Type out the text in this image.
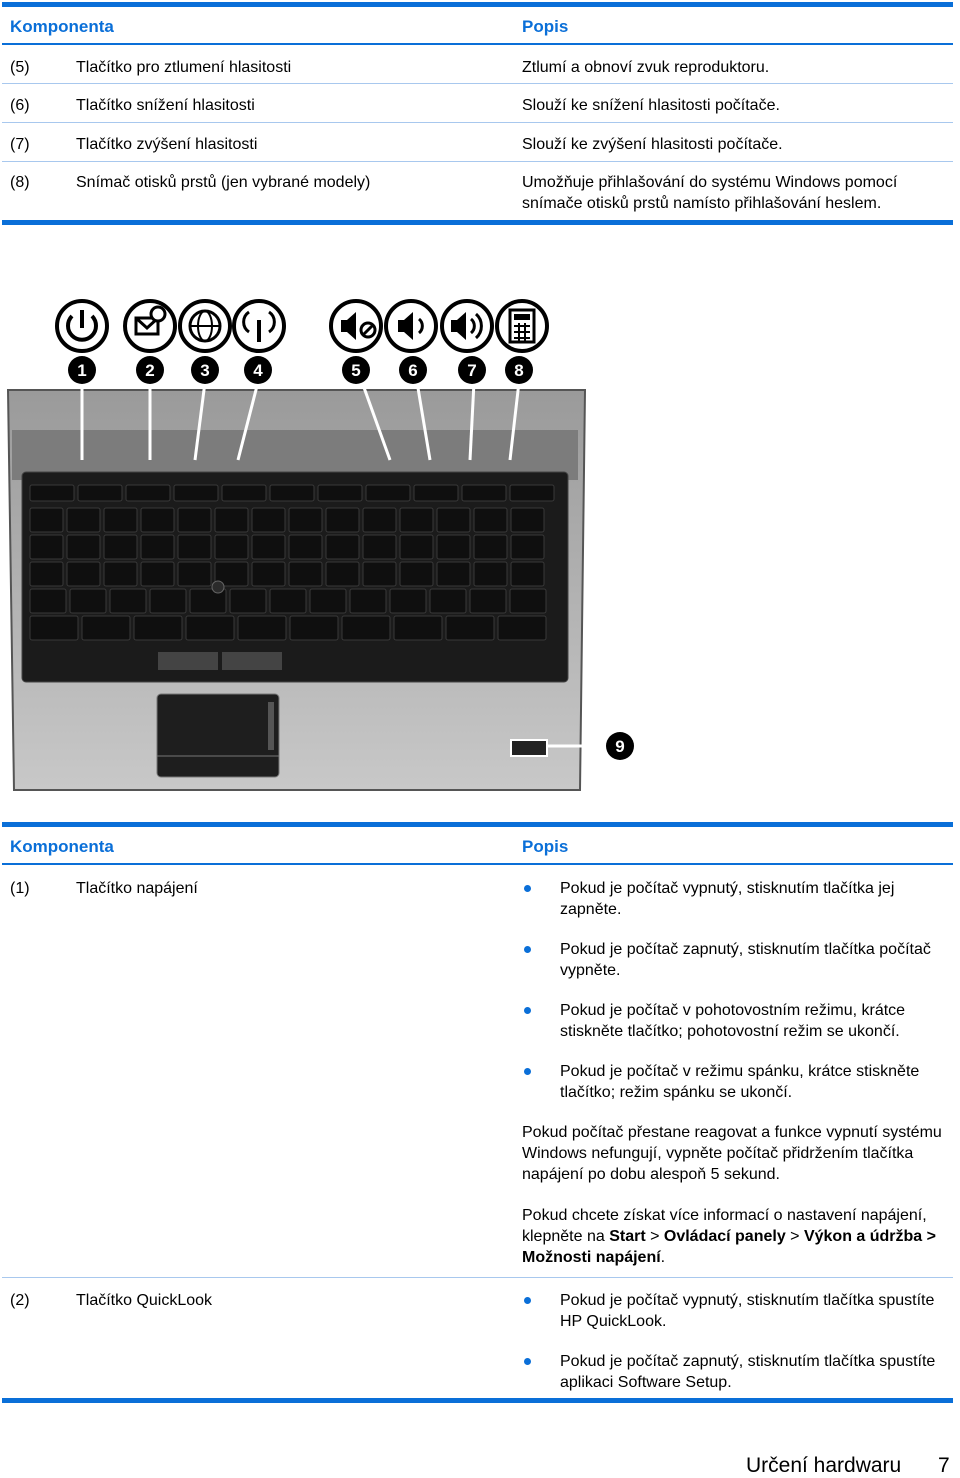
Komponenta	Popis
(5)	Tlačítko pro ztlumení hlasitosti	Ztlumí a obnoví zvuk reproduktoru.
(6)	Tlačítko snížení hlasitosti	Slouží ke snížení hlasitosti počítače.
(7)	Tlačítko zvýšení hlasitosti	Slouží ke zvýšení hlasitosti počítače.
(8)	Snímač otisků prstů (jen vybrané modely)	Umožňuje přihlašování do systému Windows pomocí snímače otisků prstů namísto přihlašování heslem.
1	2	3	4	5	6	7 8
9
Komponenta	Popis
(1)	Tlačítko napájení	Pokud je počítač vypnutý, stisknutím tlačítka jej zapněte.
Pokud je počítač zapnutý, stisknutím tlačítka počítač vypněte.
Pokud je počítač v pohotovostním režimu, krátce stiskněte tlačítko; pohotovostní režim se ukončí.
Pokud je počítač v režimu spánku, krátce stiskněte tlačítko; režim spánku se ukončí.
Pokud počítač přestane reagovat a funkce vypnutí systému Windows nefungují, vypněte počítač přidržením tlačítka napájení po dobu alespoň 5 sekund.
Pokud chcete získat více informací o nastavení napájení, klepněte na Start > Ovládací panely > Výkon a údržba > Možnosti napájení.
(2)	Tlačítko QuickLook	Pokud je počítač vypnutý, stisknutím tlačítka spustíte HP QuickLook.
Pokud je počítač zapnutý, stisknutím tlačítka spustíte aplikaci Software Setup.
Určení hardwaru 7
